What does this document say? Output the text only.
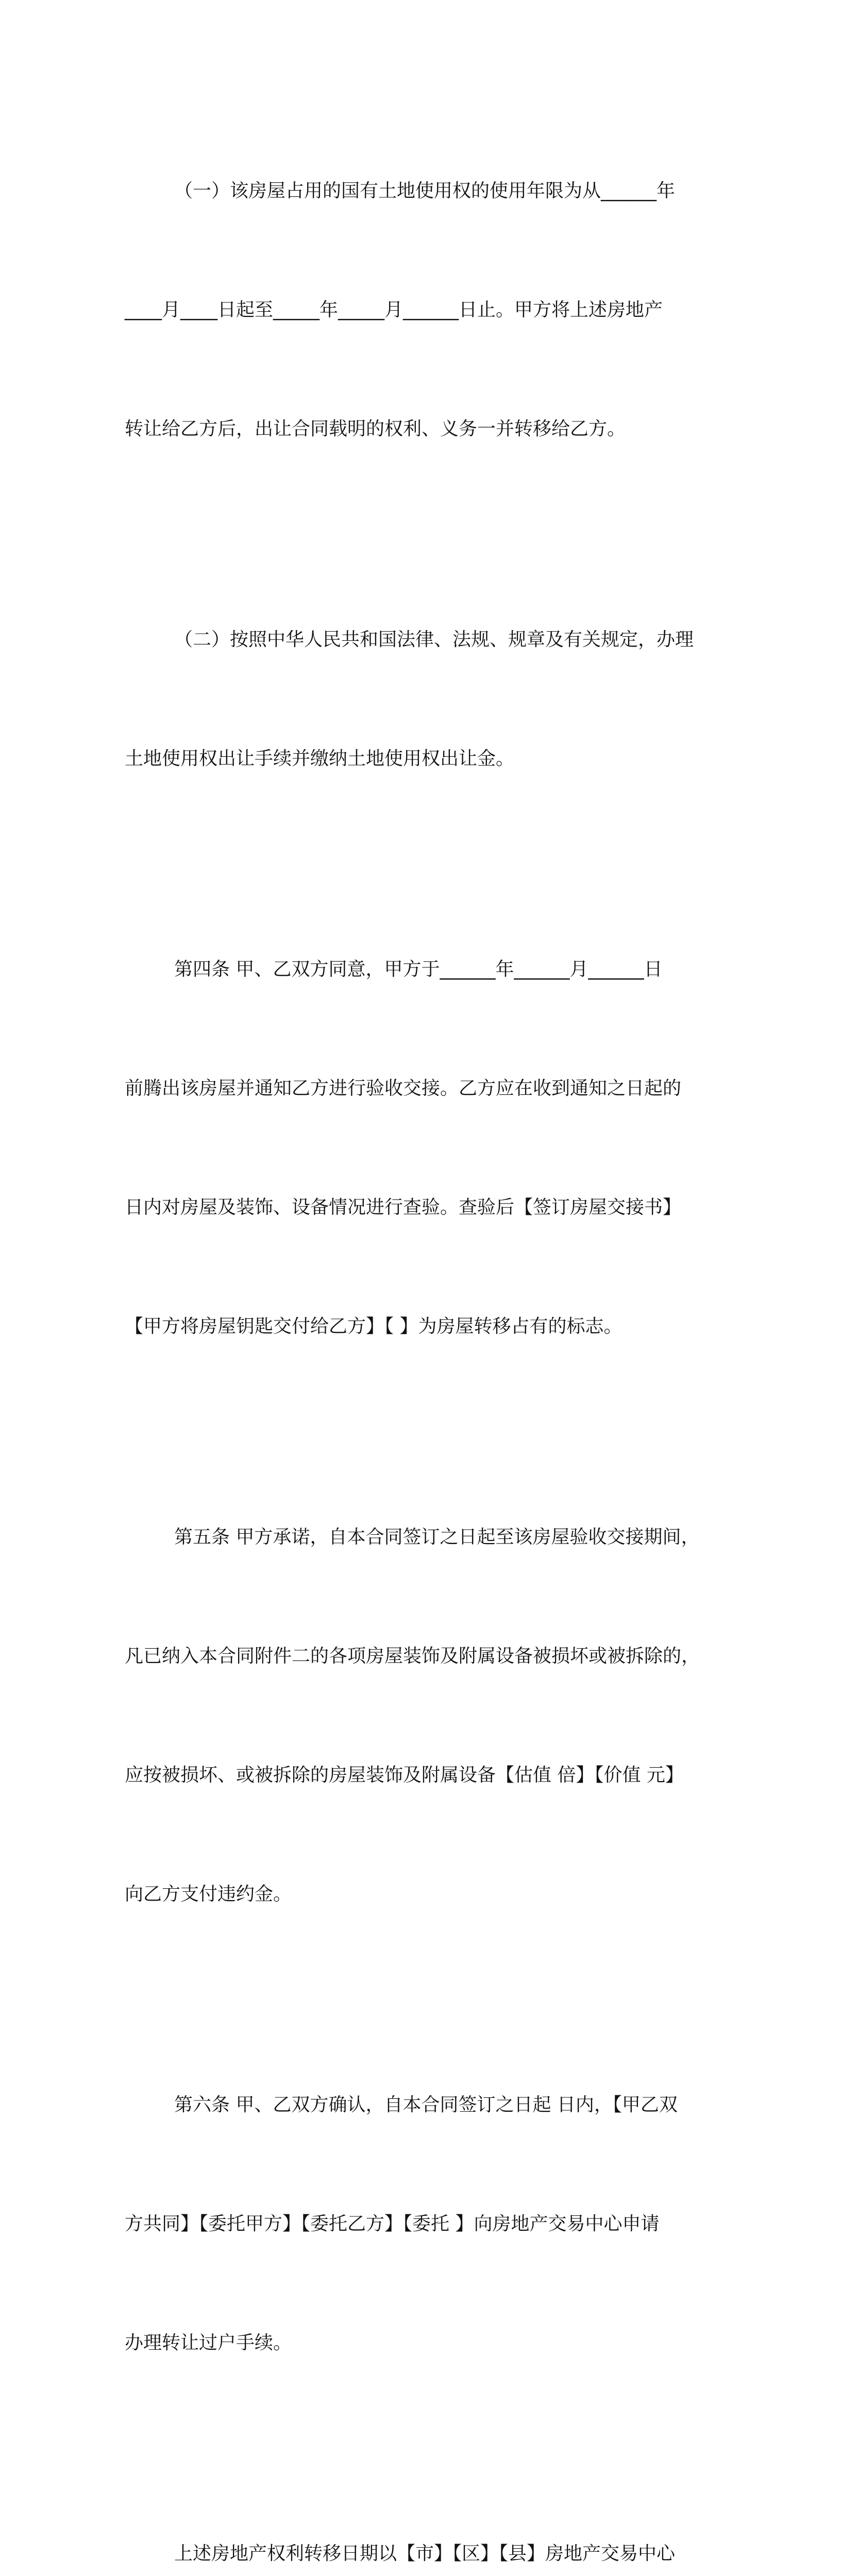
（一）该房屋占用的国有土地使用权的使用年限为从______年

____月____日起至_____年_____月______日止。甲方将上述房地产

转让给乙方后，出让合同载明的权利、义务一并转移给乙方。

（二）按照中华人民共和国法律、法规、规章及有关规定，办理

土地使用权出让手续并缴纳土地使用权出让金。

第四条 甲、乙双方同意，甲方于______年______月______日

前腾出该房屋并通知乙方进行验收交接。乙方应在收到通知之日起的

日内对房屋及装饰、设备情况进行查验。查验后【签订房屋交接书】

【甲方将房屋钥匙交付给乙方】【 】为房屋转移占有的标志。

第五条 甲方承诺，自本合同签订之日起至该房屋验收交接期间，

凡已纳入本合同附件二的各项房屋装饰及附属设备被损坏或被拆除的，

应按被损坏、或被拆除的房屋装饰及附属设备【估值 倍】【价值 元】

向乙方支付违约金。

第六条 甲、乙双方确认，自本合同签订之日起 日内，【甲乙双

方共同】【委托甲方】【委托乙方】【委托 】向房地产交易中心申请

办理转让过户手续。

上述房地产权利转移日期以【市】【区】【县】房地产交易中心
